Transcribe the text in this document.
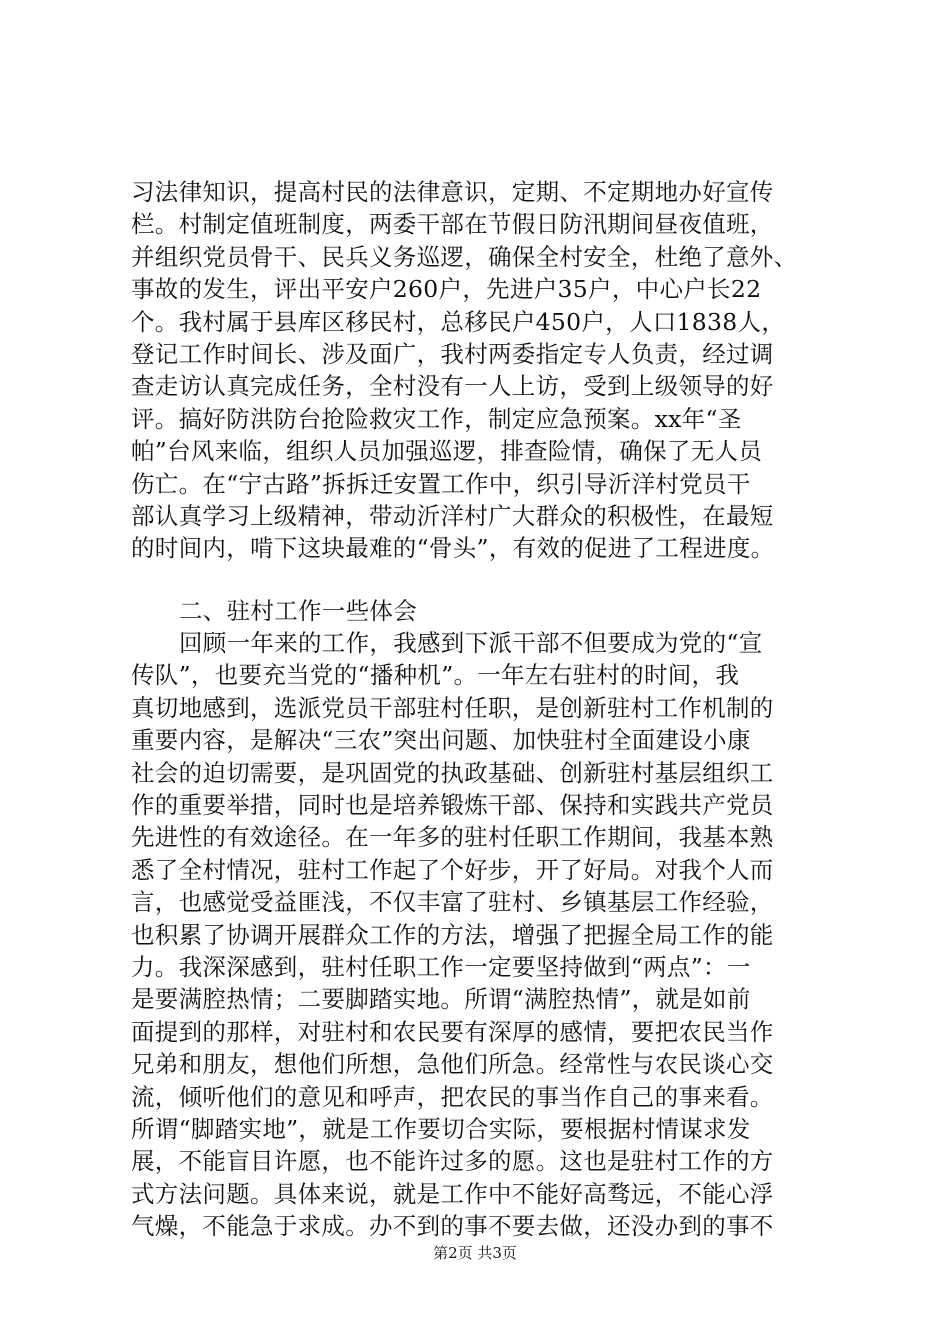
习法律知识，提高村民的法律意识，定期、不定期地办好宣传
栏。村制定值班制度，两委干部在节假日防汛期间昼夜值班，
并组织党员骨干、民兵义务巡逻，确保全村安全，杜绝了意外、
事故的发生，评出平安户260户，先进户35户，中心户长22
个。我村属于县库区移民村，总移民户450户，人口1838人，
登记工作时间长、涉及面广，我村两委指定专人负责，经过调
查走访认真完成任务，全村没有一人上访，受到上级领导的好
评。搞好防洪防台抢险救灾工作，制定应急预案。xx年“圣
帕”台风来临，组织人员加强巡逻，排查险情，确保了无人员
伤亡。在“宁古路”拆拆迁安置工作中，织引导沂洋村党员干
部认真学习上级精神，带动沂洋村广大群众的积极性，在最短
的时间内，啃下这块最难的“骨头”，有效的促进了工程进度。
二、驻村工作一些体会
回顾一年来的工作，我感到下派干部不但要成为党的“宣
传队”，也要充当党的“播种机”。一年左右驻村的时间，我
真切地感到，选派党员干部驻村任职，是创新驻村工作机制的
重要内容，是解决“三农”突出问题、加快驻村全面建设小康
社会的迫切需要，是巩固党的执政基础、创新驻村基层组织工
作的重要举措，同时也是培养锻炼干部、保持和实践共产党员
先进性的有效途径。在一年多的驻村任职工作期间，我基本熟
悉了全村情况，驻村工作起了个好步，开了好局。对我个人而
言，也感觉受益匪浅，不仅丰富了驻村、乡镇基层工作经验，
也积累了协调开展群众工作的方法，增强了把握全局工作的能
力。我深深感到，驻村任职工作一定要坚持做到“两点”：一
是要满腔热情；二要脚踏实地。所谓“满腔热情”，就是如前
面提到的那样，对驻村和农民要有深厚的感情，要把农民当作
兄弟和朋友，想他们所想，急他们所急。经常性与农民谈心交
流，倾听他们的意见和呼声，把农民的事当作自己的事来看。
所谓“脚踏实地”，就是工作要切合实际，要根据村情谋求发
展，不能盲目许愿，也不能许过多的愿。这也是驻村工作的方
式方法问题。具体来说，就是工作中不能好高骛远，不能心浮
气燥，不能急于求成。办不到的事不要去做，还没办到的事不
第2页 共3页
